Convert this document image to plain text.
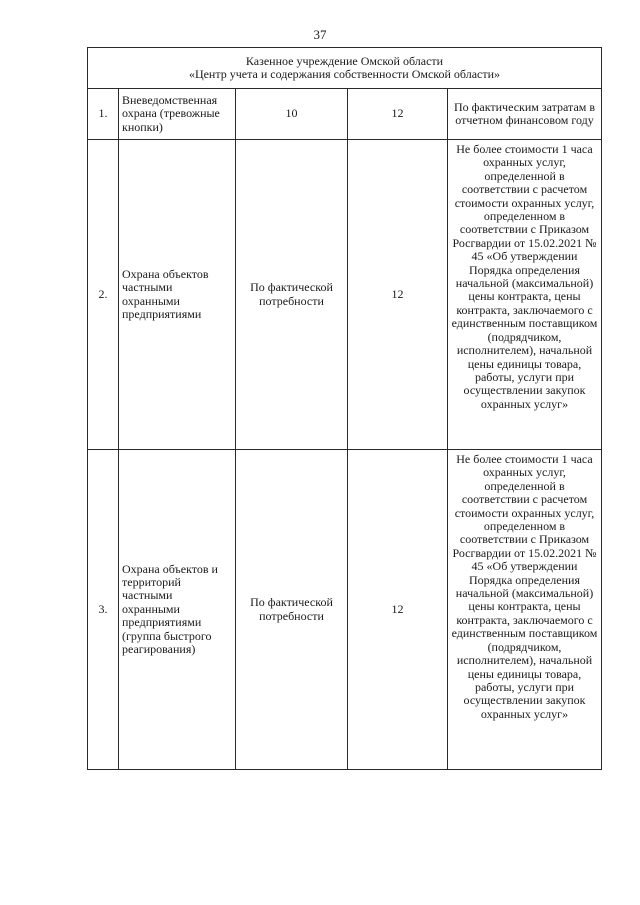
37
Казенное учреждение Омской области
«Центр учета и содержания собственности Омской области»				

1.	Вневедомственная охрана (тревожные кнопки)	10	12	По фактическим затратам в отчетном финансовом году
2.	Охрана объектов частными охранными предприятиями	По фактической потребности	12	Не более стоимости 1 часа охранных услуг, определенной в соответствии с расчетом стоимости охранных услуг, определенном в соответствии с Приказом Росгвардии от 15.02.2021 № 45 «Об утверждении Порядка определения начальной (максимальной) цены контракта, цены контракта, заключаемого с единственным поставщиком (подрядчиком, исполнителем), начальной цены единицы товара, работы, услуги при осуществлении закупок охранных услуг»
3.	Охрана объектов и территорий частными охранными предприятиями (группа быстрого реагирования)	По фактической потребности	12	Не более стоимости 1 часа охранных услуг, определенной в соответствии с расчетом стоимости охранных услуг, определенном в соответствии с Приказом Росгвардии от 15.02.2021 № 45 «Об утверждении Порядка определения начальной (максимальной) цены контракта, цены контракта, заключаемого с единственным поставщиком (подрядчиком, исполнителем), начальной цены единицы товара, работы, услуги при осуществлении закупок охранных услуг»
